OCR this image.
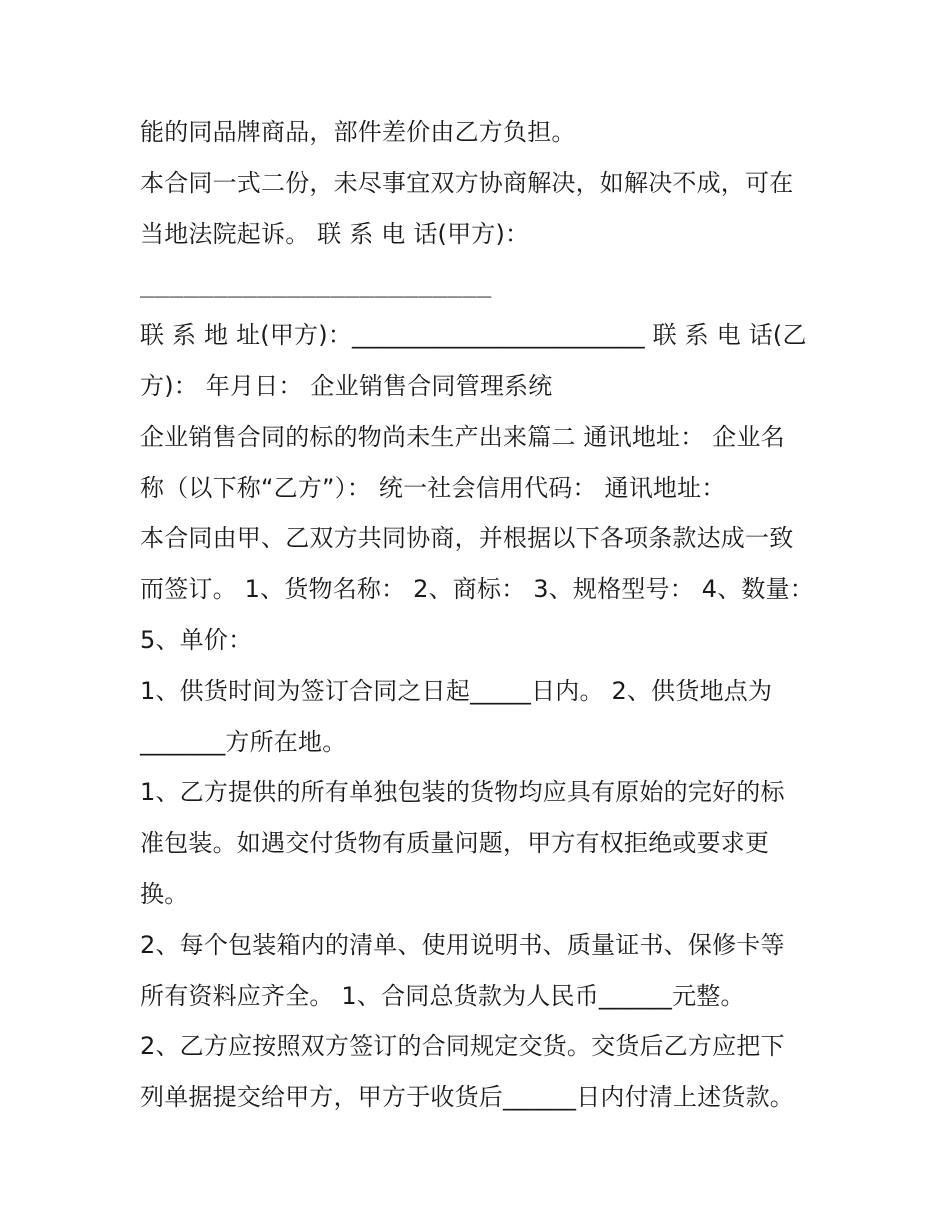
能的同品牌商品，部件差价由乙方负担。
本合同一式二份，未尽事宜双方协商解决，如解决不成，可在
当地法院起诉。 联 系 电 话(甲方)：
________________________
联 系 地 址(甲方)：________________________ 联 系 电 话(乙
方)： 年月日： 企业销售合同管理系统
企业销售合同的标的物尚未生产出来篇二 通讯地址： 企业名
称（以下称“乙方”）： 统一社会信用代码： 通讯地址：
本合同由甲、乙双方共同协商，并根据以下各项条款达成一致
而签订。 1、货物名称： 2、商标： 3、规格型号： 4、数量：
5、单价：
1、供货时间为签订合同之日起_____日内。 2、供货地点为
_______方所在地。
1、乙方提供的所有单独包装的货物均应具有原始的完好的标
准包装。如遇交付货物有质量问题，甲方有权拒绝或要求更
换。
2、每个包装箱内的清单、使用说明书、质量证书、保修卡等
所有资料应齐全。 1、合同总货款为人民币______元整。
2、乙方应按照双方签订的合同规定交货。交货后乙方应把下
列单据提交给甲方，甲方于收货后______日内付清上述货款。
